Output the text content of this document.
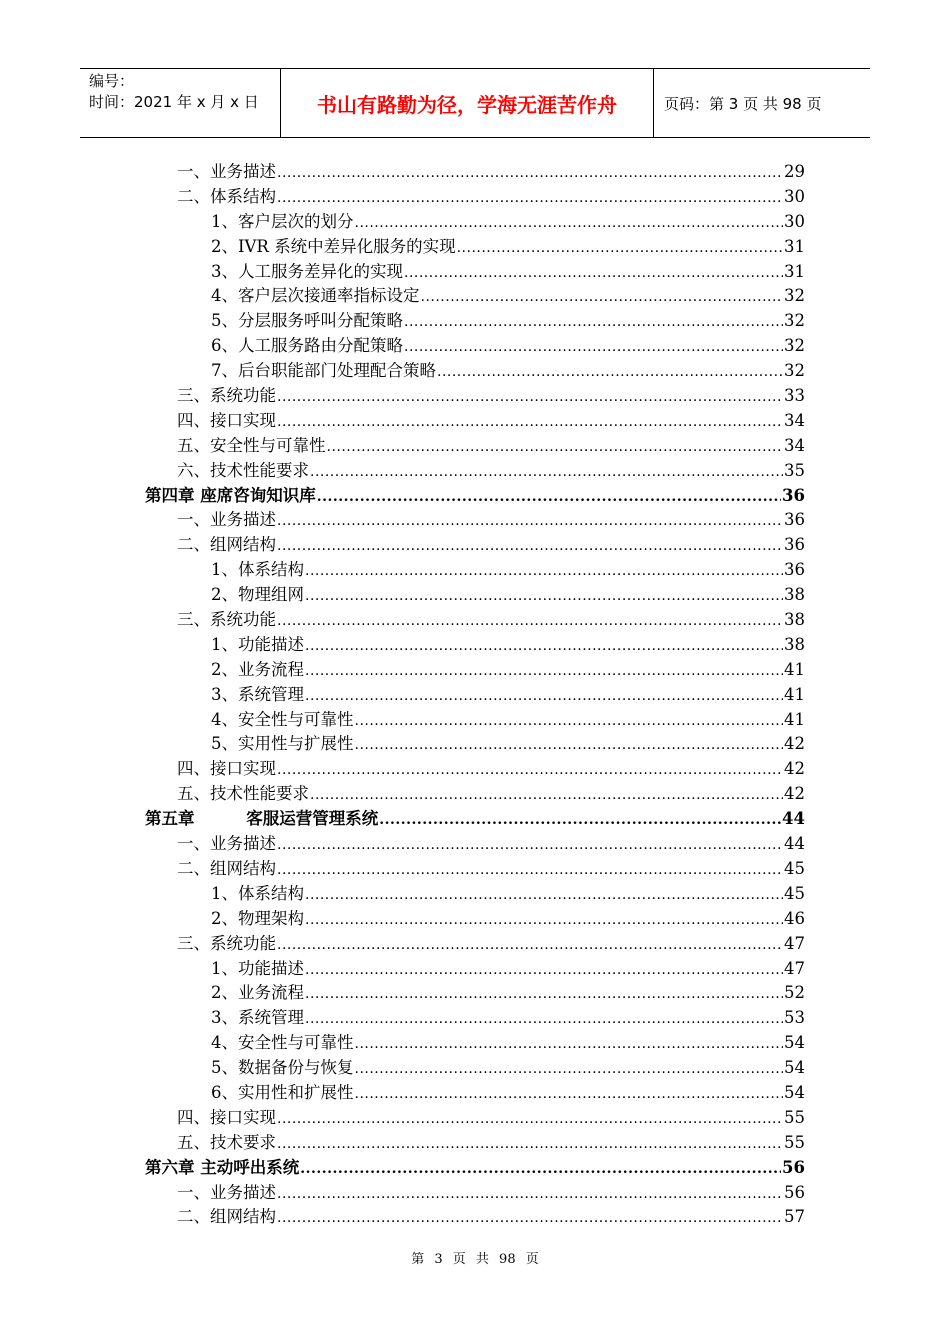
编号：
时间：2021 年 x 月 x 日	书山有路勤为径，学海无涯苦作舟	页码：第 3 页 共 98 页
一、业务描述 .....	29
二、体系结构 .....	30
1、客户层次的划分 .....	30
2、IVR 系统中差异化服务的实现 .....	31
3、人工服务差异化的实现 .....	31
4、客户层次接通率指标设定 .....	32
5、分层服务呼叫分配策略 .....	32
6、人工服务路由分配策略 .....	32
7、后台职能部门处理配合策略 .....	32
三、系统功能 .....	33
四、接口实现 .....	34
五、安全性与可靠性 .....	34
六、技术性能要求 .....	35
第四章 座席咨询知识库 .....	36
一、业务描述 .....	36
二、组网结构 .....	36
1、体系结构 .....	36
2、物理组网 .....	38
三、系统功能 .....	38
1、功能描述 .....	38
2、业务流程 .....	41
3、系统管理 .....	41
4、安全性与可靠性 .....	41
5、实用性与扩展性 .....	42
四、接口实现 .....	42
五、技术性能要求 .....	42
第五章         客服运营管理系统 .....	44
一、业务描述 .....	44
二、组网结构 .....	45
1、体系结构 .....	45
2、物理架构 .....	46
三、系统功能 .....	47
1、功能描述 .....	47
2、业务流程 .....	52
3、系统管理 .....	53
4、安全性与可靠性 .....	54
5、数据备份与恢复 .....	54
6、实用性和扩展性 .....	54
四、接口实现 .....	55
五、技术要求 .....	55
第六章 主动呼出系统 .....	56
一、业务描述 .....	56
二、组网结构 .....	57
第 3 页 共 98 页
